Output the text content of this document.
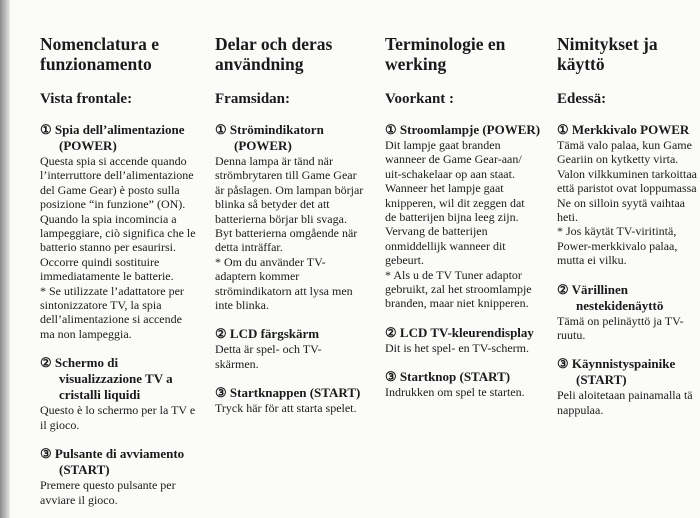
Nomenclatura e
funzionamento
Vista frontale:
① Spia dell’alimentazione
(POWER)
Questa spia si accende quando
l’interruttore dell’alimentazione
del Game Gear) è posto sulla
posizione “in funzione” (ON).
Quando la spia incomincia a
lampeggiare, ciò significa che le
batterio stanno per esaurirsi.
Occorre quindi sostituire
immediatamente le batterie.
* Se utilizzate l’adattatore per
sintonizzatore TV, la spia
dell’alimentazione si accende
ma non lampeggia.
② Schermo di
visualizzazione TV a
cristalli liquidi
Questo è lo schermo per la TV e
il gioco.
③ Pulsante di avviamento
(START)
Premere questo pulsante per
avviare il gioco.
Delar och deras
användning
Framsidan:
① Strömindikatorn
(POWER)
Denna lampa är tänd när
strömbrytaren till Game Gear
är påslagen. Om lampan börjar
blinka så betyder det att
batterierna börjar bli svaga.
Byt batterierna omgående när
detta inträffar.
* Om du använder TV-
adaptern kommer
strömindikatorn att lysa men
inte blinka.
② LCD färgskärm
Detta är spel- och TV-
skärmen.
③ Startknappen (START)
Tryck här för att starta spelet.
Terminologie en
werking
Voorkant :
① Stroomlampje (POWER)
Dit lampje gaat branden
wanneer de Game Gear-aan/
uit-schakelaar op aan staat.
Wanneer het lampje gaat
knipperen, wil dit zeggen dat
de batterijen bijna leeg zijn.
Vervang de batterijen
onmiddellijk wanneer dit
gebeurt.
* Als u de TV Tuner adaptor
gebruikt, zal het stroomlampje
branden, maar niet knipperen.
② LCD TV-kleurendisplay
Dit is het spel- en TV-scherm.
③ Startknop (START)
Indrukken om spel te starten.
Nimitykset ja
käyttö
Edessä:
① Merkkivalo POWER
Tämä valo palaa, kun Game
Geariin on kytketty virta.
Valon vilkkuminen tarkoittaa
että paristot ovat loppumassa
Ne on silloin syytä vaihtaa
heti.
* Jos käytät TV-viritintä,
Power-merkkivalo palaa,
mutta ei vilku.
② Värillinen
nestekidenäyttö
Tämä on pelinäyttö ja TV-
ruutu.
③ Käynnistyspainike
(START)
Peli aloitetaan painamalla tä
nappulaa.
